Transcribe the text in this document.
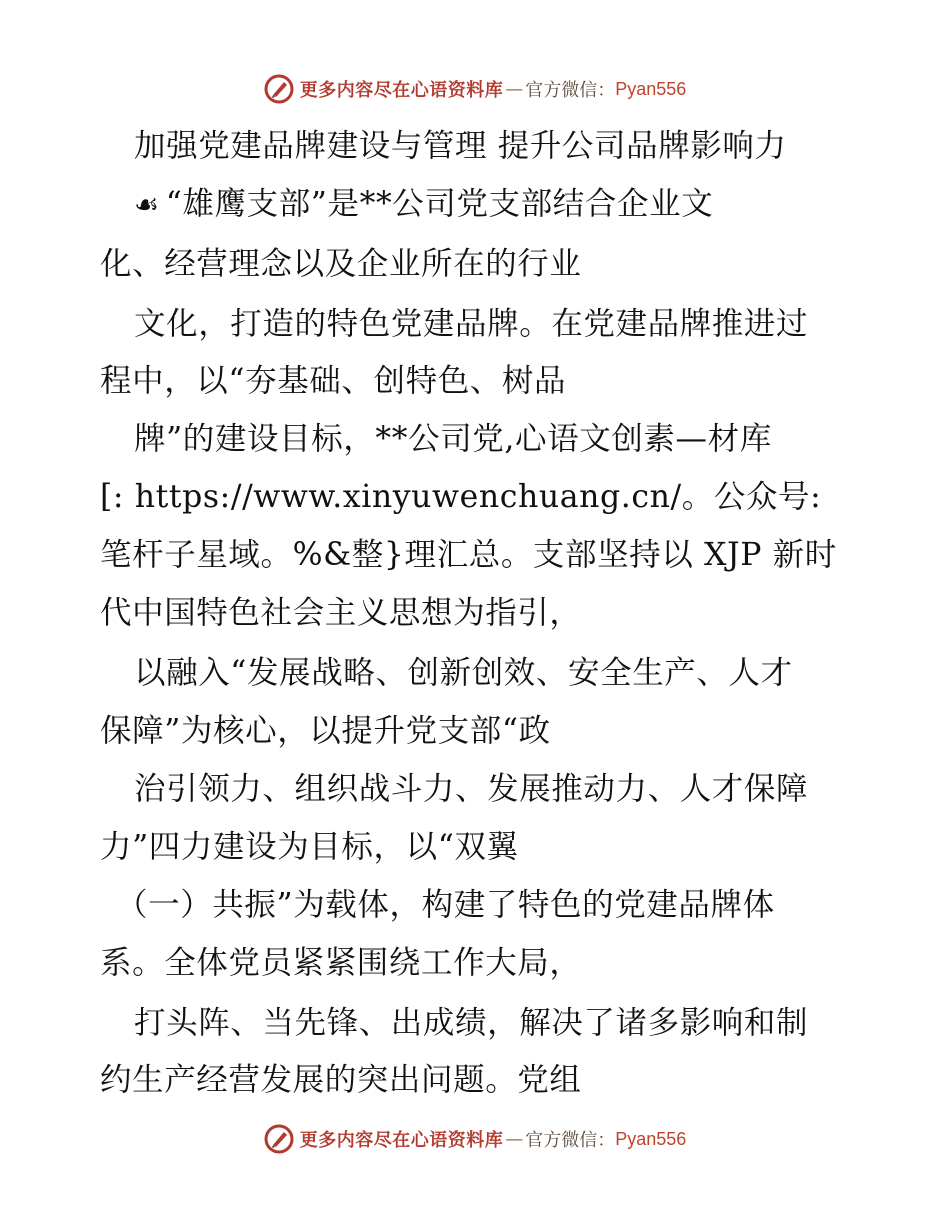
更多内容尽在心语资料库 — 官方微信： Pyan556
加强党建品牌建设与管理 提升公司品牌影响力
☙ “雄鹰支部”是**公司党支部结合企业文
化、经营理念以及企业所在的行业
文化，打造的特色党建品牌。在党建品牌推进过
程中，以“夯基础、创特色、树品
牌”的建设目标，**公司党,心语文创素—材库
[: https://www.xinyuwenchuang.cn/。公众号:
笔杆子星域。%&整}理汇总。支部坚持以 XJP 新时
代中国特色社会主义思想为指引，
以融入“发展战略、创新创效、安全生产、人才
保障”为核心，以提升党支部“政
治引领力、组织战斗力、发展推动力、人才保障
力”四力建设为目标，以“双翼
（一）共振”为载体，构建了特色的党建品牌体
系。全体党员紧紧围绕工作大局，
打头阵、当先锋、出成绩，解决了诸多影响和制
约生产经营发展的突出问题。党组
更多内容尽在心语资料库 — 官方微信： Pyan556
